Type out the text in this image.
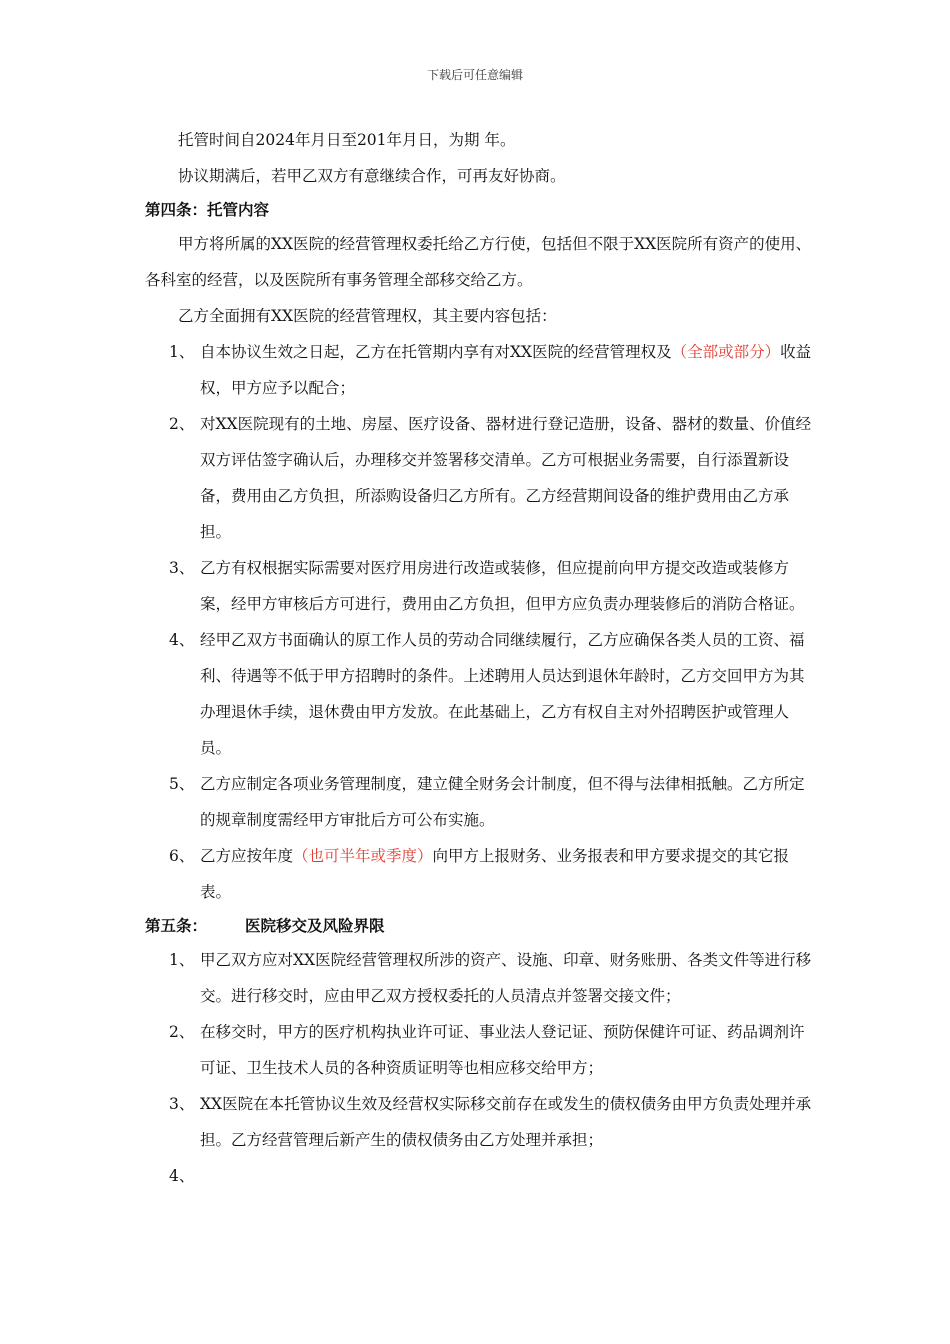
下载后可任意编辑
托管时间自2024年月日至201年月日，为期 年。
协议期满后，若甲乙双方有意继续合作，可再友好协商。
第四条：托管内容
甲方将所属的XX医院的经营管理权委托给乙方行使，包括但不限于XX医院所有资产的使用、各科室的经营，以及医院所有事务管理全部移交给乙方。
乙方全面拥有XX医院的经营管理权，其主要内容包括：
1、 自本协议生效之日起，乙方在托管期内享有对XX医院的经营管理权及（全部或部分）收益权，甲方应予以配合；
2、 对XX医院现有的土地、房屋、医疗设备、器材进行登记造册，设备、器材的数量、价值经双方评估签字确认后，办理移交并签署移交清单。乙方可根据业务需要，自行添置新设备，费用由乙方负担，所添购设备归乙方所有。乙方经营期间设备的维护费用由乙方承担。
3、 乙方有权根据实际需要对医疗用房进行改造或装修，但应提前向甲方提交改造或装修方案，经甲方审核后方可进行，费用由乙方负担，但甲方应负责办理装修后的消防合格证。
4、 经甲乙双方书面确认的原工作人员的劳动合同继续履行，乙方应确保各类人员的工资、福利、待遇等不低于甲方招聘时的条件。上述聘用人员达到退休年龄时，乙方交回甲方为其办理退休手续，退休费由甲方发放。在此基础上，乙方有权自主对外招聘医护或管理人员。
5、 乙方应制定各项业务管理制度，建立健全财务会计制度，但不得与法律相抵触。乙方所定的规章制度需经甲方审批后方可公布实施。
6、 乙方应按年度（也可半年或季度）向甲方上报财务、业务报表和甲方要求提交的其它报表。
第五条： 医院移交及风险界限
1、 甲乙双方应对XX医院经营管理权所涉的资产、设施、印章、财务账册、各类文件等进行移交。进行移交时，应由甲乙双方授权委托的人员清点并签署交接文件；
2、 在移交时，甲方的医疗机构执业许可证、事业法人登记证、预防保健许可证、药品调剂许可证、卫生技术人员的各种资质证明等也相应移交给甲方；
3、 XX医院在本托管协议生效及经营权实际移交前存在或发生的债权债务由甲方负责处理并承担。乙方经营管理后新产生的债权债务由乙方处理并承担；
4、
